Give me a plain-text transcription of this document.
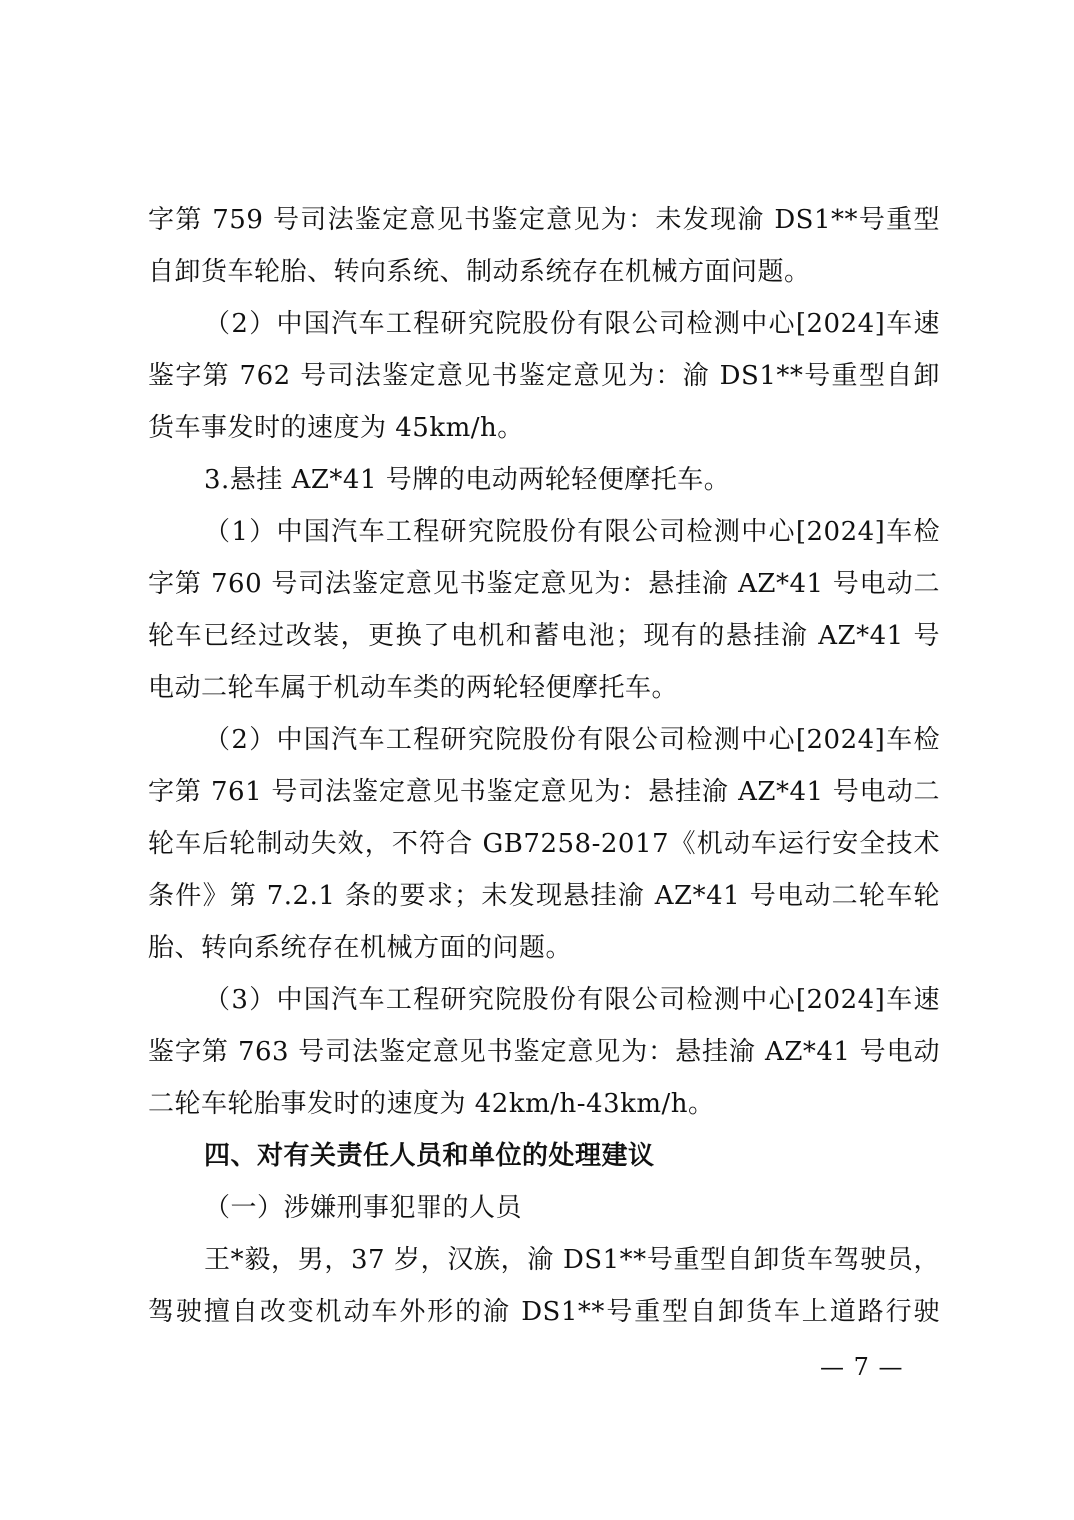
字第 759 号司法鉴定意见书鉴定意见为：未发现渝 DS1**号重型
自卸货车轮胎、转向系统、制动系统存在机械方面问题。
（2）中国汽车工程研究院股份有限公司检测中心[2024]车速
鉴字第 762 号司法鉴定意见书鉴定意见为：渝 DS1**号重型自卸
货车事发时的速度为 45km/h。
3.悬挂 AZ*41 号牌的电动两轮轻便摩托车。
（1）中国汽车工程研究院股份有限公司检测中心[2024]车检
字第 760 号司法鉴定意见书鉴定意见为：悬挂渝 AZ*41 号电动二
轮车已经过改装，更换了电机和蓄电池；现有的悬挂渝 AZ*41 号
电动二轮车属于机动车类的两轮轻便摩托车。
（2）中国汽车工程研究院股份有限公司检测中心[2024]车检
字第 761 号司法鉴定意见书鉴定意见为：悬挂渝 AZ*41 号电动二
轮车后轮制动失效，不符合 GB7258-2017《机动车运行安全技术
条件》第 7.2.1 条的要求；未发现悬挂渝 AZ*41 号电动二轮车轮
胎、转向系统存在机械方面的问题。
（3）中国汽车工程研究院股份有限公司检测中心[2024]车速
鉴字第 763 号司法鉴定意见书鉴定意见为：悬挂渝 AZ*41 号电动
二轮车轮胎事发时的速度为 42km/h-43km/h。
四、对有关责任人员和单位的处理建议
（一）涉嫌刑事犯罪的人员
王*毅，男，37 岁，汉族，渝 DS1**号重型自卸货车驾驶员，
驾驶擅自改变机动车外形的渝 DS1**号重型自卸货车上道路行驶
— 7 —
